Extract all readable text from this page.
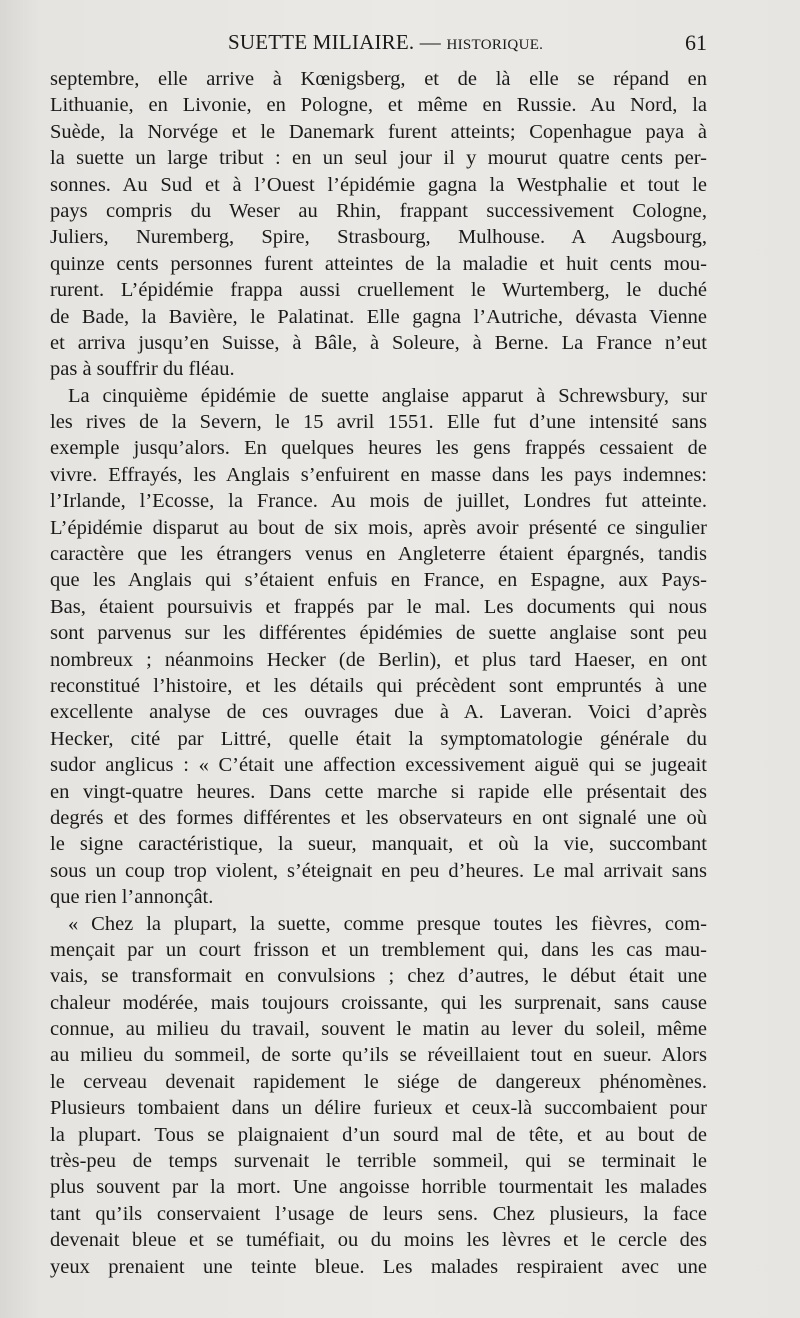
SUETTE MILIAIRE. — HISTORIQUE.	61
septembre, elle arrive à Kœnigsberg, et de là elle se répand en
Lithuanie, en Livonie, en Pologne, et même en Russie. Au Nord, la
Suède, la Norvége et le Danemark furent atteints; Copenhague paya à
la suette un large tribut : en un seul jour il y mourut quatre cents per-
sonnes. Au Sud et à l’Ouest l’épidémie gagna la Westphalie et tout le
pays compris du Weser au Rhin, frappant successivement Cologne,
Juliers, Nuremberg, Spire, Strasbourg, Mulhouse. A Augsbourg,
quinze cents personnes furent atteintes de la maladie et huit cents mou-
rurent. L’épidémie frappa aussi cruellement le Wurtemberg, le duché
de Bade, la Bavière, le Palatinat. Elle gagna l’Autriche, dévasta Vienne
et arriva jusqu’en Suisse, à Bâle, à Soleure, à Berne. La France n’eut
pas à souffrir du fléau.
La cinquième épidémie de suette anglaise apparut à Schrewsbury, sur
les rives de la Severn, le 15 avril 1551. Elle fut d’une intensité sans
exemple jusqu’alors. En quelques heures les gens frappés cessaient de
vivre. Effrayés, les Anglais s’enfuirent en masse dans les pays indemnes:
l’Irlande, l’Ecosse, la France. Au mois de juillet, Londres fut atteinte.
L’épidémie disparut au bout de six mois, après avoir présenté ce singulier
caractère que les étrangers venus en Angleterre étaient épargnés, tandis
que les Anglais qui s’étaient enfuis en France, en Espagne, aux Pays-
Bas, étaient poursuivis et frappés par le mal. Les documents qui nous
sont parvenus sur les différentes épidémies de suette anglaise sont peu
nombreux ; néanmoins Hecker (de Berlin), et plus tard Haeser, en ont
reconstitué l’histoire, et les détails qui précèdent sont empruntés à une
excellente analyse de ces ouvrages due à A. Laveran. Voici d’après
Hecker, cité par Littré, quelle était la symptomatologie générale du
sudor anglicus : « C’était une affection excessivement aiguë qui se jugeait
en vingt-quatre heures. Dans cette marche si rapide elle présentait des
degrés et des formes différentes et les observateurs en ont signalé une où
le signe caractéristique, la sueur, manquait, et où la vie, succombant
sous un coup trop violent, s’éteignait en peu d’heures. Le mal arrivait sans
que rien l’annonçât.
« Chez la plupart, la suette, comme presque toutes les fièvres, com-
mençait par un court frisson et un tremblement qui, dans les cas mau-
vais, se transformait en convulsions ; chez d’autres, le début était une
chaleur modérée, mais toujours croissante, qui les surprenait, sans cause
connue, au milieu du travail, souvent le matin au lever du soleil, même
au milieu du sommeil, de sorte qu’ils se réveillaient tout en sueur. Alors
le cerveau devenait rapidement le siége de dangereux phénomènes.
Plusieurs tombaient dans un délire furieux et ceux-là succombaient pour
la plupart. Tous se plaignaient d’un sourd mal de tête, et au bout de
très-peu de temps survenait le terrible sommeil, qui se terminait le
plus souvent par la mort. Une angoisse horrible tourmentait les malades
tant qu’ils conservaient l’usage de leurs sens. Chez plusieurs, la face
devenait bleue et se tuméfiait, ou du moins les lèvres et le cercle des
yeux prenaient une teinte bleue. Les malades respiraient avec une
